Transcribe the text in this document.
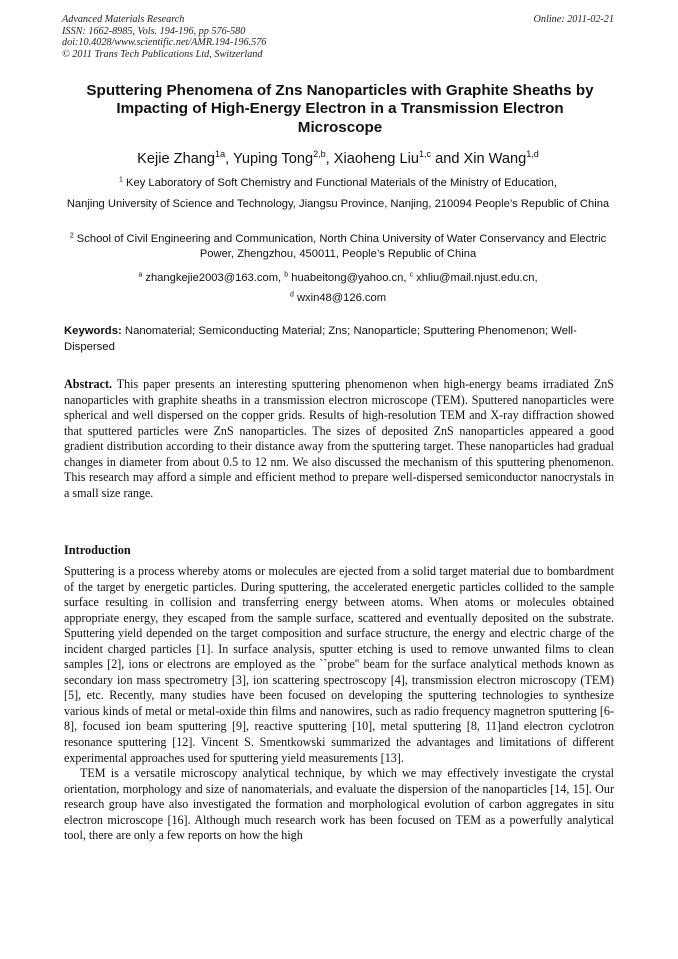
Advanced Materials Research
ISSN: 1662-8985, Vols. 194-196, pp 576-580
doi:10.4028/www.scientific.net/AMR.194-196.576
© 2011 Trans Tech Publications Ltd, Switzerland
Online: 2011-02-21
Sputtering Phenomena of Zns Nanoparticles with Graphite Sheaths by Impacting of High-Energy Electron in a Transmission Electron Microscope
Kejie Zhang$^{1a}$, Yuping Tong$^{2,b}$, Xiaoheng Liu$^{1,c}$ and Xin Wang$^{1,d}$
$^1$ Key Laboratory of Soft Chemistry and Functional Materials of the Ministry of Education,
Nanjing University of Science and Technology, Jiangsu Province, Nanjing, 210094 People’s Republic of China
$^2$ School of Civil Engineering and Communication, North China University of Water Conservancy and Electric Power, Zhengzhou, 450011, People’s Republic of China
$^a$ zhangkejie2003@163.com, $^b$ huabeitong@yahoo.cn, $^c$ xhliu@mail.njust.edu.cn,
$^d$ wxin48@126.com
Keywords: Nanomaterial; Semiconducting Material; Zns; Nanoparticle; Sputtering Phenomenon; Well-Dispersed
Abstract. This paper presents an interesting sputtering phenomenon when high-energy beams irradiated ZnS nanoparticles with graphite sheaths in a transmission electron microscope (TEM). Sputtered nanoparticles were spherical and well dispersed on the copper grids. Results of high-resolution TEM and X-ray diffraction showed that sputtered particles were ZnS nanoparticles. The sizes of deposited ZnS nanoparticles appeared a good gradient distribution according to their distance away from the sputtering target. These nanoparticles had gradual changes in diameter from about 0.5 to 12 nm. We also discussed the mechanism of this sputtering phenomenon. This research may afford a simple and efficient method to prepare well-dispersed semiconductor nanocrystals in a small size range.
Introduction

Sputtering is a process whereby atoms or molecules are ejected from a solid target material due to bombardment of the target by energetic particles. During sputtering, the accelerated energetic particles collided to the sample surface resulting in collision and transferring energy between atoms. When atoms or molecules obtained appropriate energy, they escaped from the sample surface, scattered and eventually deposited on the substrate. Sputtering yield depended on the target composition and surface structure, the energy and electric charge of the incident charged particles [1]. In surface analysis, sputter etching is used to remove unwanted films to clean samples [2], ions or electrons are employed as the ``probe'' beam for the surface analytical methods known as secondary ion mass spectrometry [3], ion scattering spectroscopy [4], transmission electron microscopy (TEM) [5], etc. Recently, many studies have been focused on developing the sputtering technologies to synthesize various kinds of metal or metal-oxide thin films and nanowires, such as radio frequency magnetron sputtering [6-8], focused ion beam sputtering [9], reactive sputtering [10], metal sputtering [8, 11]and electron cyclotron resonance sputtering [12]. Vincent S. Smentkowski summarized the advantages and limitations of different experimental approaches used for sputtering yield measurements [13].

TEM is a versatile microscopy analytical technique, by which we may effectively investigate the crystal orientation, morphology and size of nanomaterials, and evaluate the dispersion of the nanoparticles [14, 15]. Our research group have also investigated the formation and morphological evolution of carbon aggregates in situ electron microscope [16]. Although much research work has been focused on TEM as a powerfully analytical tool, there are only a few reports on how the high
